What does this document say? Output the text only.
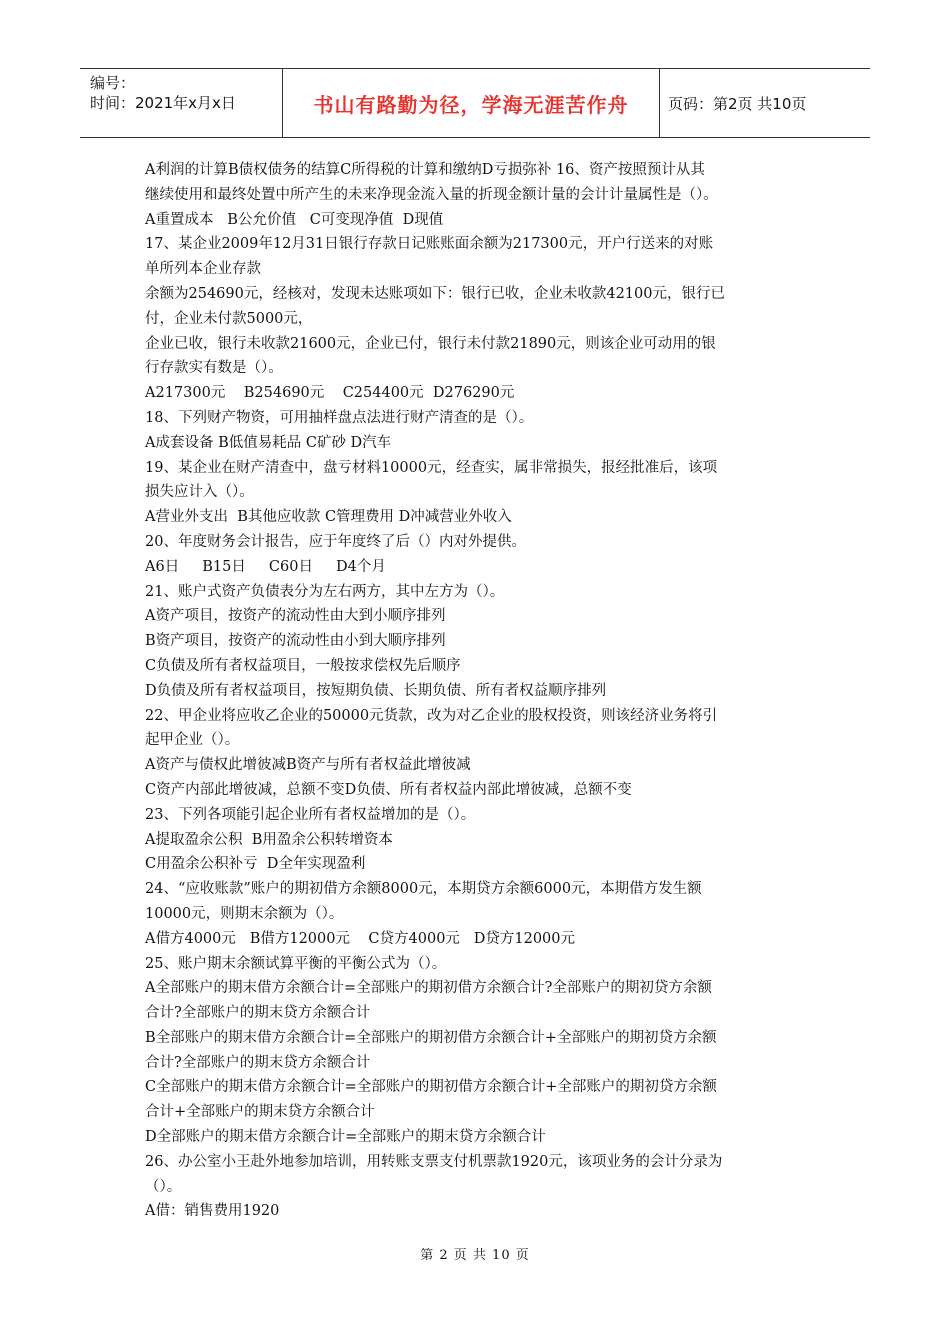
编号：
时间：2021年x月x日	书山有路勤为径，学海无涯苦作舟	页码：第2页 共10页

A利润的计算B债权债务的结算C所得税的计算和缴纳D亏损弥补 16、资产按照预计从其

继续使用和最终处置中所产生的未来净现金流入量的折现金额计量的会计计量属性是（）。

A重置成本   B公允价值   C可变现净值  D现值

17、某企业2009年12月31日银行存款日记账账面余额为217300元，开户行送来的对账

单所列本企业存款

余额为254690元，经核对，发现未达账项如下：银行已收，企业未收款42100元，银行已

付，企业未付款5000元，

企业已收，银行未收款21600元，企业已付，银行未付款21890元，则该企业可动用的银

行存款实有数是（）。

A217300元    B254690元    C254400元  D276290元

18、下列财产物资，可用抽样盘点法进行财产清查的是（）。

A成套设备 B低值易耗品 C矿砂 D汽车

19、某企业在财产清查中，盘亏材料10000元，经查实，属非常损失，报经批准后，该项

损失应计入（）。

A营业外支出  B其他应收款 C管理费用 D冲减营业外收入

20、年度财务会计报告，应于年度终了后（）内对外提供。

A6日     B15日     C60日     D4个月

21、账户式资产负债表分为左右两方，其中左方为（）。

A资产项目，按资产的流动性由大到小顺序排列

B资产项目，按资产的流动性由小到大顺序排列

C负债及所有者权益项目，一般按求偿权先后顺序

D负债及所有者权益项目，按短期负债、长期负债、所有者权益顺序排列

22、甲企业将应收乙企业的50000元货款，改为对乙企业的股权投资，则该经济业务将引

起甲企业（）。

A资产与债权此增彼减B资产与所有者权益此增彼减

C资产内部此增彼减，总额不变D负债、所有者权益内部此增彼减，总额不变

23、下列各项能引起企业所有者权益增加的是（）。

A提取盈余公积  B用盈余公积转增资本

C用盈余公积补亏  D全年实现盈利

24、“应收账款”账户的期初借方余额8000元，本期贷方余额6000元，本期借方发生额

10000元，则期末余额为（）。

A借方4000元   B借方12000元    C贷方4000元   D贷方12000元

25、账户期末余额试算平衡的平衡公式为（）。

A全部账户的期末借方余额合计=全部账户的期初借方余额合计?全部账户的期初贷方余额

合计?全部账户的期末贷方余额合计

B全部账户的期末借方余额合计=全部账户的期初借方余额合计+全部账户的期初贷方余额

合计?全部账户的期末贷方余额合计

C全部账户的期末借方余额合计=全部账户的期初借方余额合计+全部账户的期初贷方余额

合计+全部账户的期末贷方余额合计

D全部账户的期末借方余额合计=全部账户的期末贷方余额合计

26、办公室小王赴外地参加培训，用转账支票支付机票款1920元，该项业务的会计分录为

（）。

A借：销售费用1920

第 2 页 共 10 页
